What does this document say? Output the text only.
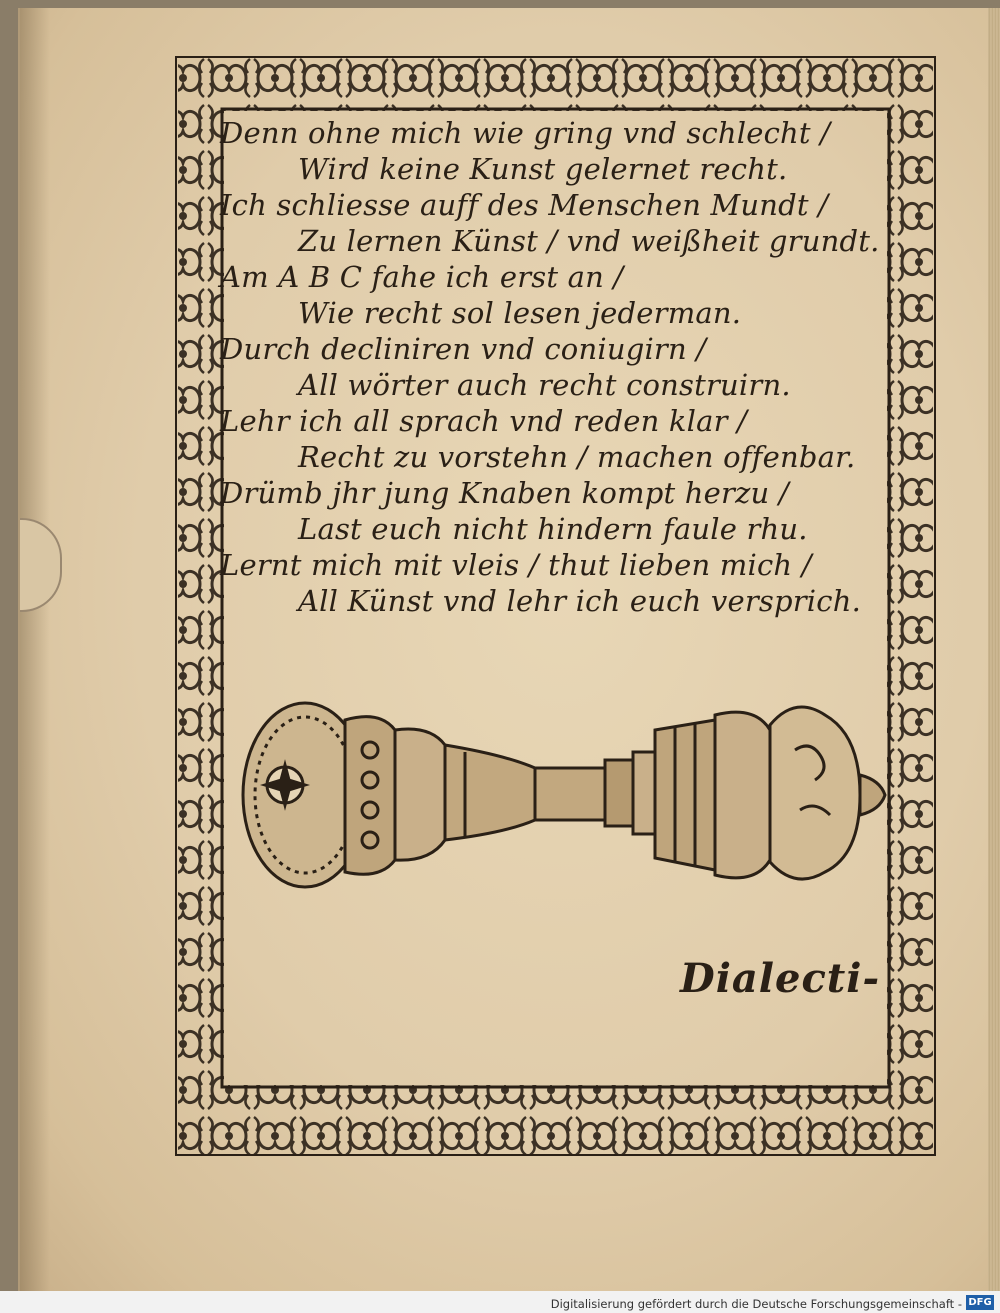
Denn ohne mich wie gring vnd schlecht /
Wird keine Kunst gelernet recht.
Ich schliesse auff des Menschen Mundt /
Zu lernen Künst / vnd weißheit grundt.
Am A B C fahe ich erst an /
Wie recht sol lesen jederman.
Durch decliniren vnd coniugirn /
All wörter auch recht construirn.
Lehr ich all sprach vnd reden klar /
Recht zu vorstehn / machen offenbar.
Drümb jhr jung Knaben kompt herzu /
Last euch nicht hindern faule rhu.
Lernt mich mit vleis / thut lieben mich /
All Künst vnd lehr ich euch versprich.
Dialecti-
Digitalisierung gefördert durch die Deutsche Forschungsgemeinschaft - DFG
